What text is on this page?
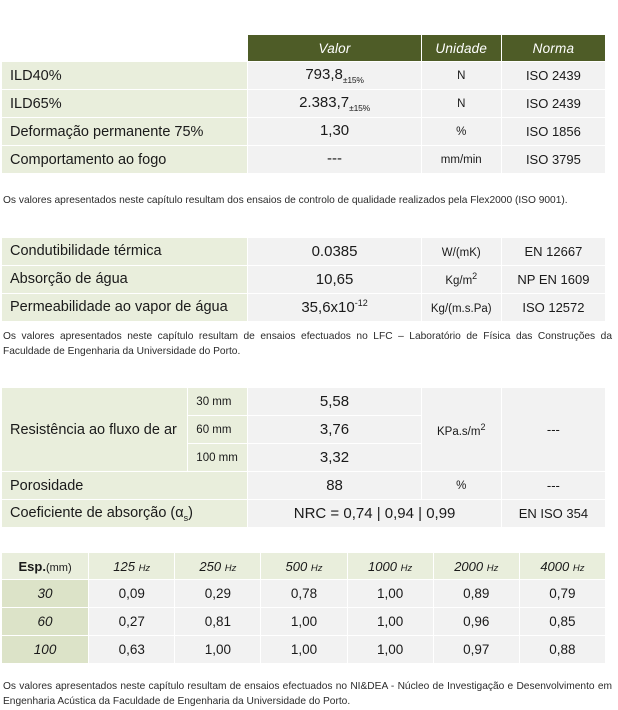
	Valor	Unidade	Norma
ILD40%	$793,8_{\pm 15\%}$	N	ISO 2439
ILD65%	$2.383,7_{\pm 15\%}$	N	ISO 2439
Deformação permanente 75%	1,30	%	ISO 1856
Comportamento ao fogo	---	mm/min	ISO 3795

Os valores apresentados neste capítulo resultam dos ensaios de controlo de qualidade realizados pela Flex2000 (ISO 9001).

Condutibilidade térmica	0.0385	W/(mK)	EN 12667
Absorção de água	10,65	$Kg/m^2$	NP EN 1609
Permeabilidade ao vapor de água	$35,6x10^{-12}$	Kg/(m.s.Pa)	ISO 12572

Os valores apresentados neste capítulo resultam de ensaios efectuados no LFC – Laboratório de Física das Construções da Faculdade de Engenharia da Universidade do Porto.

Resistência ao fluxo de ar	30 mm	5,58	$KPa.s/m^2$	---
	60 mm	3,76		
	100 mm	3,32		
Porosidade		88	%	---
Coeficiente de absorção $(\alpha_s)$		NRC = 0,74 | 0,94 | 0,99		EN ISO 354
Esp.(mm)	125 Hz	250 Hz	500 Hz	1000 Hz	2000 Hz	4000 Hz
30	0,09	0,29	0,78	1,00	0,89	0,79
60	0,27	0,81	1,00	1,00	0,96	0,85
100	0,63	1,00	1,00	1,00	0,97	0,88

Os valores apresentados neste capítulo resultam de ensaios efectuados no NI&DEA - Núcleo de Investigação e Desenvolvimento em Engenharia Acústica da Faculdade de Engenharia da Universidade do Porto.
